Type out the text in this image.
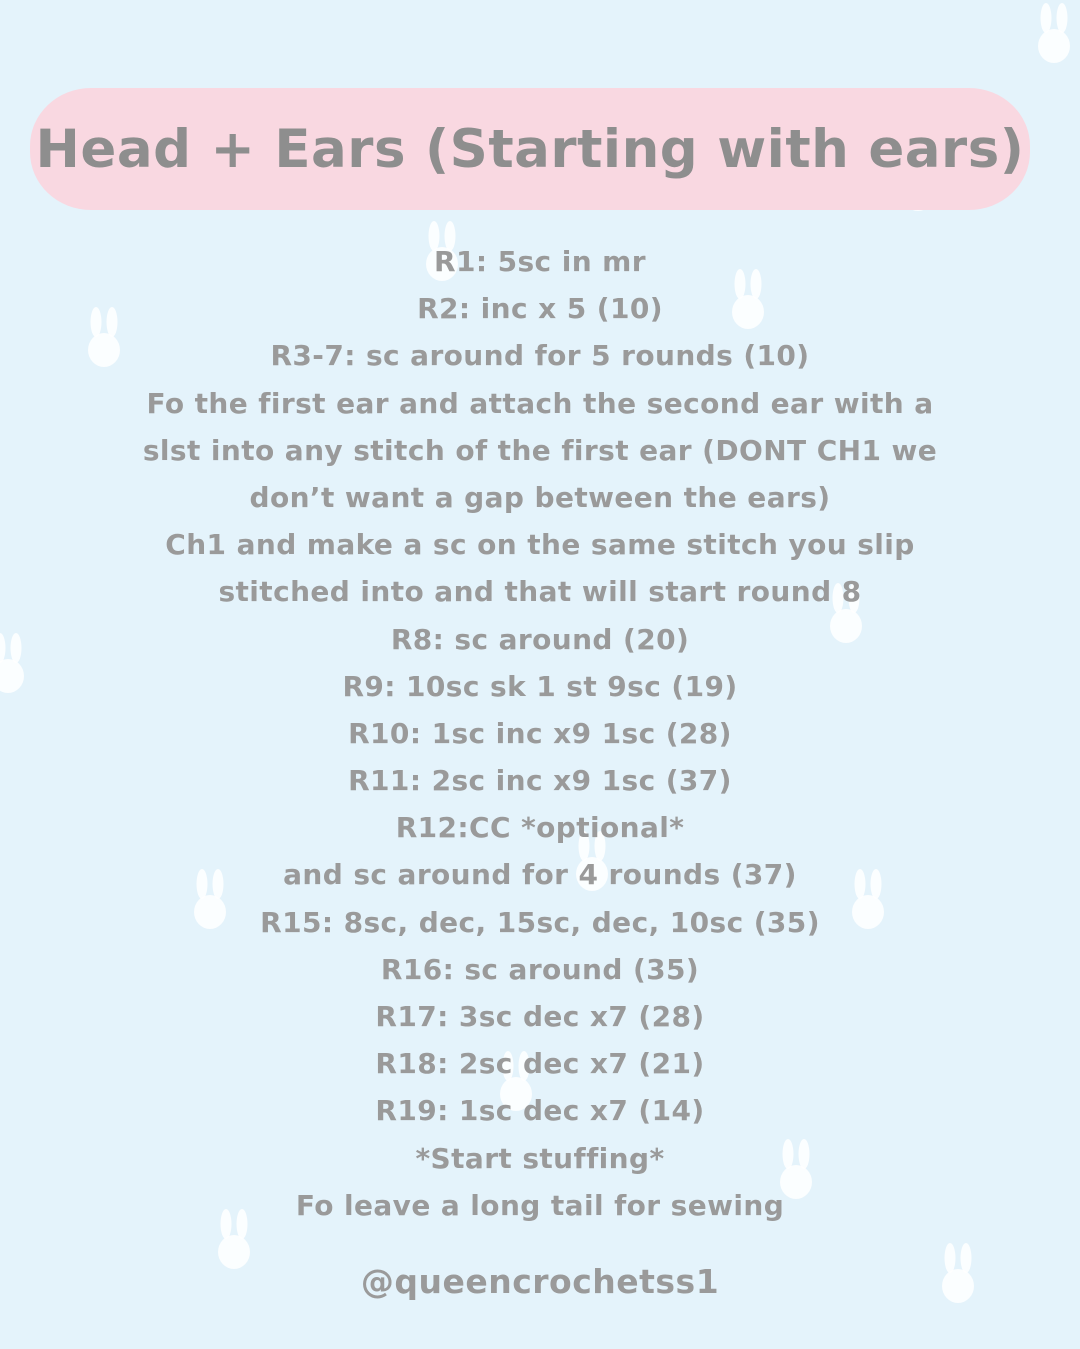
Head + Ears (Starting with ears)
R1: 5sc in mr
R2: inc x 5 (10)
R3-7: sc around for 5 rounds (10)
Fo the first ear and attach the second ear with a
slst into any stitch of the first ear (DONT CH1 we
don’t want a gap between the ears)
Ch1 and make a sc on the same stitch you slip
stitched into and that will start round 8
R8: sc around (20)
R9: 10sc sk 1 st 9sc (19)
R10: 1sc inc x9 1sc (28)
R11: 2sc inc x9 1sc (37)
R12:CC *optional*
and sc around for 4 rounds (37)
R15: 8sc, dec, 15sc, dec, 10sc (35)
R16: sc around (35)
R17: 3sc dec x7 (28)
R18: 2sc dec x7 (21)
R19: 1sc dec x7 (14)
*Start stuffing*
Fo leave a long tail for sewing
@queencrochetss1
